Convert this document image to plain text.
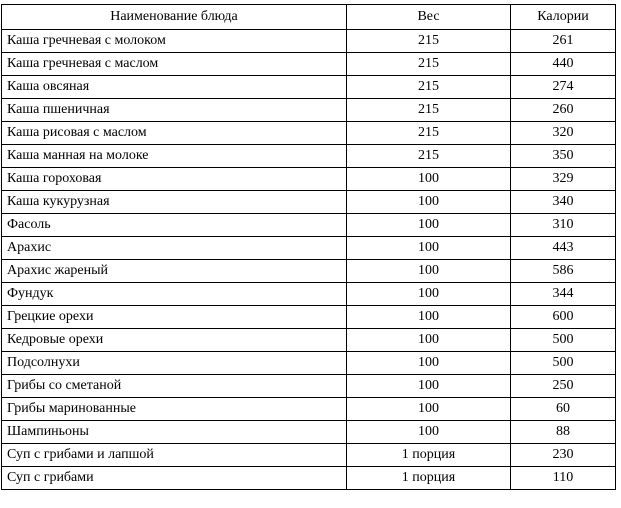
Наименование блюда	Вес	Калории
Каша гречневая с молоком	215	261
Каша гречневая с маслом	215	440
Каша овсяная	215	274
Каша пшеничная	215	260
Каша рисовая с маслом	215	320
Каша манная на молоке	215	350
Каша гороховая	100	329
Каша кукурузная	100	340
Фасоль	100	310
Арахис	100	443
Арахис жареный	100	586
Фундук	100	344
Грецкие орехи	100	600
Кедровые орехи	100	500
Подсолнухи	100	500
Грибы со сметаной	100	250
Грибы маринованные	100	60
Шампиньоны	100	88
Суп с грибами и лапшой	1 порция	230
Суп с грибами	1 порция	110
